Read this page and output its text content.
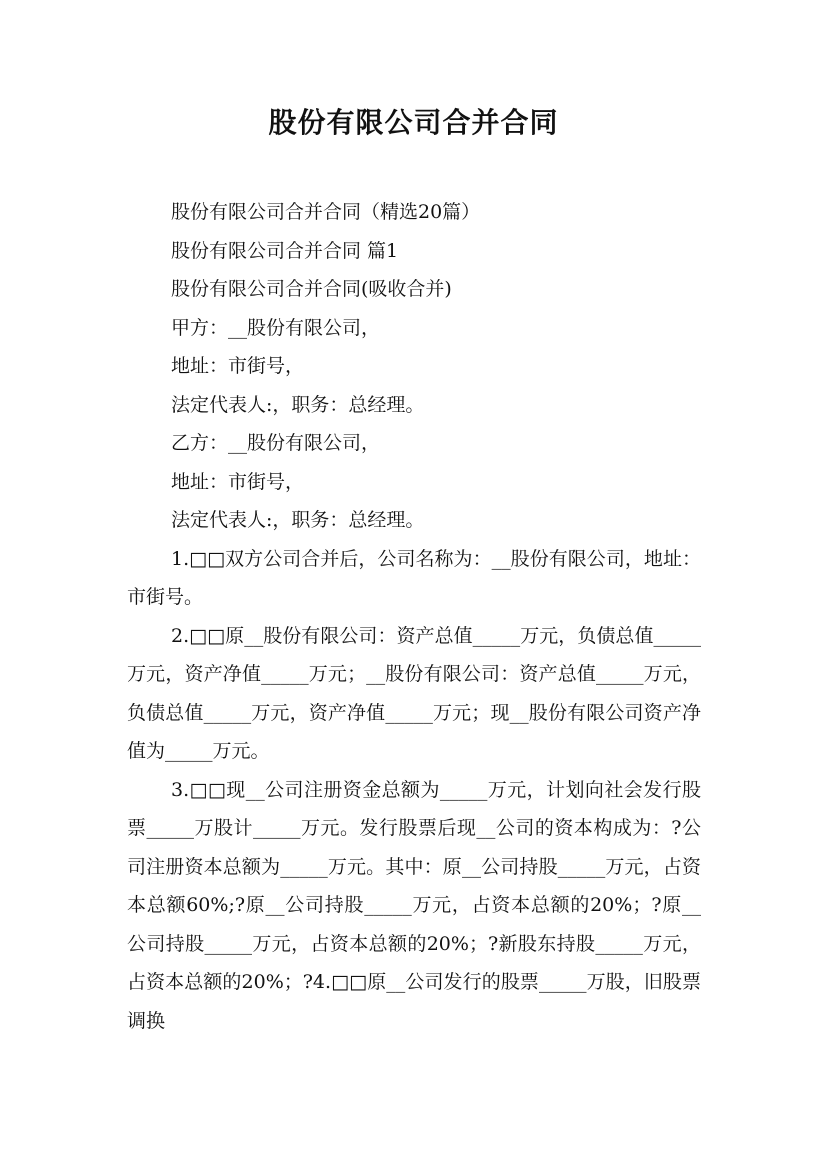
股份有限公司合并合同

股份有限公司合并合同（精选20篇）

股份有限公司合并合同 篇1

股份有限公司合并合同(吸收合并)

甲方：__股份有限公司，

地址：市街号，

法定代表人:，职务：总经理。

乙方：__股份有限公司，

地址：市街号，

法定代表人:，职务：总经理。

1.□□双方公司合并后，公司名称为：__股份有限公司，地址：市街号。

2.□□原__股份有限公司：资产总值_____万元，负债总值_____万元，资产净值_____万元；__股份有限公司：资产总值_____万元，负债总值_____万元，资产净值_____万元；现__股份有限公司资产净值为_____万元。

3.□□现__公司注册资金总额为_____万元，计划向社会发行股票_____万股计_____万元。发行股票后现__公司的资本构成为：?公司注册资本总额为_____万元。其中：原__公司持股_____万元，占资本总额60%;?原__公司持股_____万元，占资本总额的20%；?原__公司持股_____万元，占资本总额的20%；?新股东持股_____万元，占资本总额的20%；?4.□□原__公司发行的股票_____万股，旧股票调换
